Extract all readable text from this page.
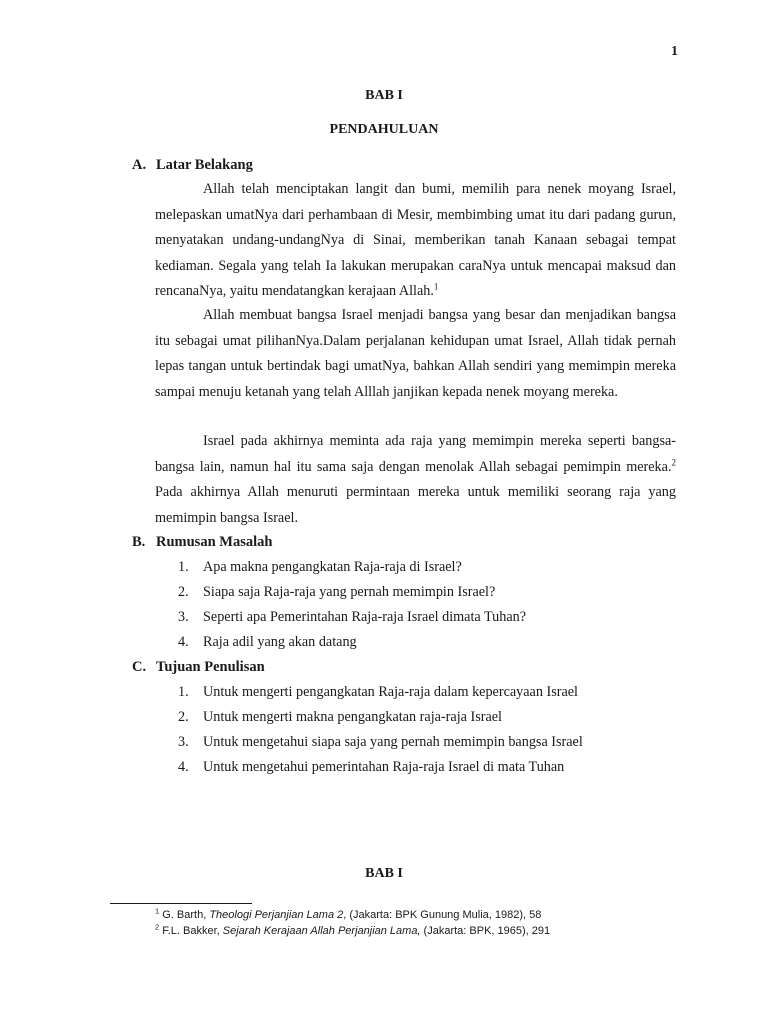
1
BAB I
PENDAHULUAN
A. Latar Belakang

Allah telah menciptakan langit dan bumi, memilih para nenek moyang Israel, melepaskan umatNya dari perhambaan di Mesir, membimbing umat itu dari padang gurun, menyatakan undang-undangNya di Sinai, memberikan tanah Kanaan sebagai tempat kediaman. Segala yang telah Ia lakukan merupakan caraNya untuk mencapai maksud dan rencanaNya, yaitu mendatangkan kerajaan Allah.$^1$

Allah membuat bangsa Israel menjadi bangsa yang besar dan menjadikan bangsa itu sebagai umat pilihanNya.Dalam perjalanan kehidupan umat Israel, Allah tidak pernah lepas tangan untuk bertindak bagi umatNya, bahkan Allah sendiri yang memimpin mereka sampai menuju ketanah yang telah Alllah janjikan kepada nenek moyang mereka.

Israel pada akhirnya meminta ada raja yang memimpin mereka seperti bangsa-bangsa lain, namun hal itu sama saja dengan menolak Allah sebagai pemimpin mereka.$^2$ Pada akhirnya Allah menuruti permintaan mereka untuk memiliki seorang raja yang memimpin bangsa Israel.

B. Rumusan Masalah
1. Apa makna pengangkatan Raja-raja di Israel?
2. Siapa saja Raja-raja yang pernah memimpin Israel?
3. Seperti apa Pemerintahan Raja-raja Israel dimata Tuhan?
4. Raja adil yang akan datang
C. Tujuan Penulisan
1. Untuk mengerti pengangkatan Raja-raja dalam kepercayaan Israel
2. Untuk mengerti makna pengangkatan raja-raja Israel
3. Untuk mengetahui siapa saja yang pernah memimpin bangsa Israel
4. Untuk mengetahui pemerintahan Raja-raja Israel di mata Tuhan
BAB I
$^1$ G. Barth, Theologi Perjanjian Lama 2, (Jakarta: BPK Gunung Mulia, 1982), 58
$^2$ F.L. Bakker, Sejarah Kerajaan Allah Perjanjian Lama, (Jakarta: BPK, 1965), 291
